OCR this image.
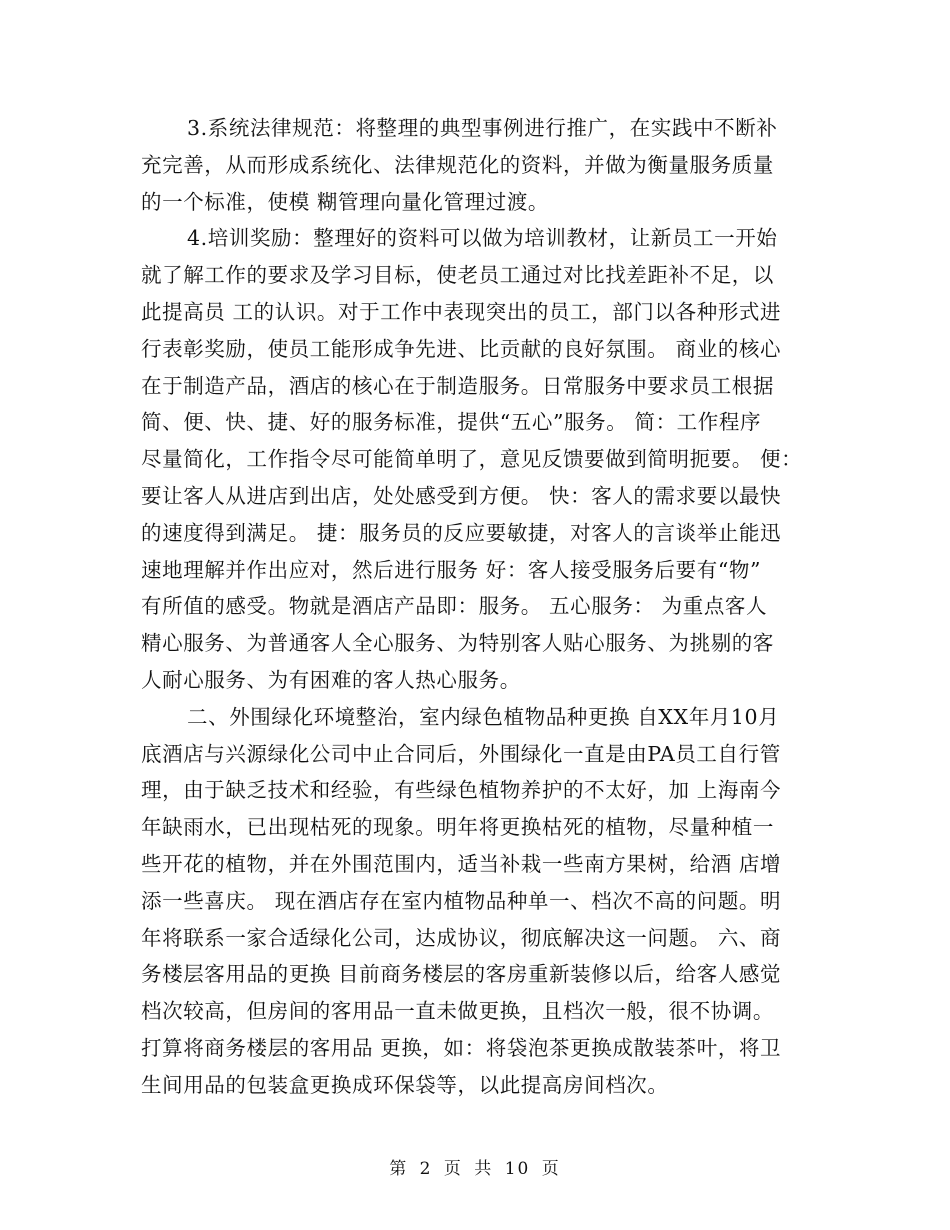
3.系统法律规范：将整理的典型事例进行推广，在实践中不断补
充完善，从而形成系统化、法律规范化的资料，并做为衡量服务质量
的一个标准，使模 糊管理向量化管理过渡。
4.培训奖励：整理好的资料可以做为培训教材，让新员工一开始
就了解工作的要求及学习目标，使老员工通过对比找差距补不足，以
此提高员 工的认识。对于工作中表现突出的员工，部门以各种形式进
行表彰奖励，使员工能形成争先进、比贡献的良好氛围。 商业的核心
在于制造产品，酒店的核心在于制造服务。日常服务中要求员工根据
简、便、快、捷、好的服务标准，提供“五心”服务。 简：工作程序
尽量简化，工作指令尽可能简单明了，意见反馈要做到简明扼要。 便：
要让客人从进店到出店，处处感受到方便。 快：客人的需求要以最快
的速度得到满足。 捷：服务员的反应要敏捷，对客人的言谈举止能迅
速地理解并作出应对，然后进行服务 好：客人接受服务后要有“物”
有所值的感受。物就是酒店产品即：服务。 五心服务： 为重点客人
精心服务、为普通客人全心服务、为特别客人贴心服务、为挑剔的客
人耐心服务、为有困难的客人热心服务。
二、外围绿化环境整治，室内绿色植物品种更换 自XX年月10月
底酒店与兴源绿化公司中止合同后，外围绿化一直是由PA员工自行管
理，由于缺乏技术和经验，有些绿色植物养护的不太好，加 上海南今
年缺雨水，已出现枯死的现象。明年将更换枯死的植物，尽量种植一
些开花的植物，并在外围范围内，适当补栽一些南方果树，给酒 店增
添一些喜庆。 现在酒店存在室内植物品种单一、档次不高的问题。明
年将联系一家合适绿化公司，达成协议，彻底解决这一问题。 六、商
务楼层客用品的更换 目前商务楼层的客房重新装修以后，给客人感觉
档次较高，但房间的客用品一直未做更换，且档次一般，很不协调。
打算将商务楼层的客用品 更换，如：将袋泡茶更换成散装茶叶，将卫
生间用品的包装盒更换成环保袋等，以此提高房间档次。
第 2 页 共 10 页
